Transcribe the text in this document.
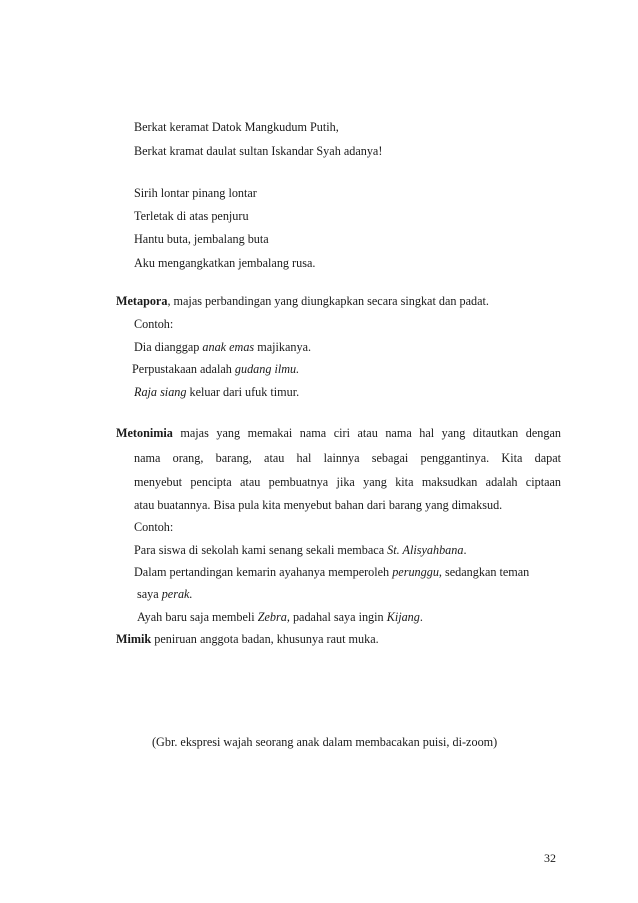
Berkat keramat Datok Mangkudum Putih,
Berkat kramat daulat sultan Iskandar Syah adanya!
Sirih lontar pinang lontar
Terletak di atas penjuru
Hantu buta, jembalang buta
Aku mengangkatkan jembalang rusa.
Metapora, majas perbandingan yang diungkapkan secara singkat dan padat.
Contoh:
Dia dianggap anak emas majikanya.
Perpustakaan adalah gudang ilmu.
Raja siang keluar dari ufuk timur.
Metonimia majas yang memakai nama ciri atau nama hal yang ditautkan dengan
nama orang, barang, atau hal lainnya sebagai penggantinya. Kita dapat
menyebut pencipta atau pembuatnya jika yang kita maksudkan adalah ciptaan
atau buatannya. Bisa pula kita menyebut bahan dari barang yang dimaksud.
Contoh:
Para siswa di sekolah kami senang sekali membaca St. Alisyahbana.
Dalam pertandingan kemarin ayahanya memperoleh perunggu, sedangkan teman
saya perak.
Ayah baru saja membeli Zebra, padahal saya ingin Kijang.
Mimik peniruan anggota badan, khusunya raut muka.
(Gbr. ekspresi wajah seorang anak dalam membacakan puisi, di-zoom)
32
